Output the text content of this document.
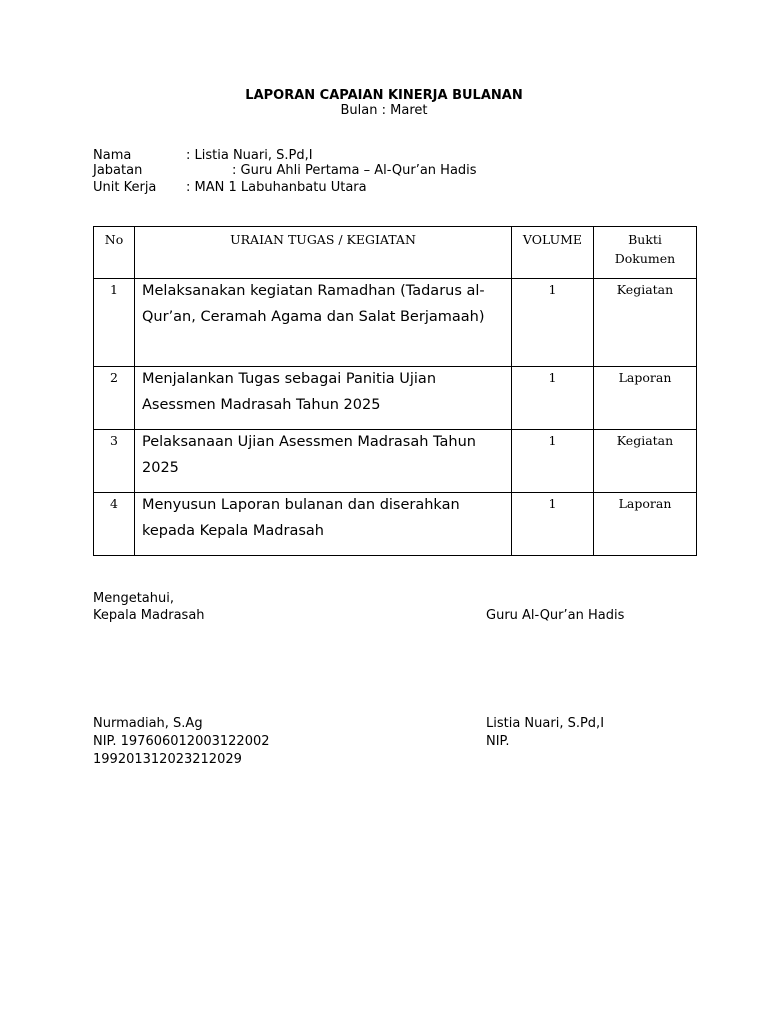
LAPORAN CAPAIAN KINERJA BULANAN
Bulan : Maret
Nama	: Listia Nuari, S.Pd,I
Jabatan	: Guru Ahli Pertama – Al-Qur’an Hadis
Unit Kerja : MAN 1 Labuhanbatu Utara
No	URAIAN TUGAS / KEGIATAN	VOLUME	Bukti Dokumen
1	Melaksanakan kegiatan Ramadhan (Tadarus al-Qur’an, Ceramah Agama dan Salat Berjamaah)	1	Kegiatan
2	Menjalankan Tugas sebagai Panitia Ujian Asessmen Madrasah Tahun 2025	1	Laporan
3	Pelaksanaan Ujian Asessmen Madrasah Tahun 2025	1	Kegiatan
4	Menyusun Laporan bulanan dan diserahkan kepada Kepala Madrasah	1	Laporan
Mengetahui,
Kepala Madrasah	Guru Al-Qur’an Hadis
Nurmadiah, S.Ag
NIP. 197606012003122002
199201312023212029
Listia Nuari, S.Pd,I
NIP.
